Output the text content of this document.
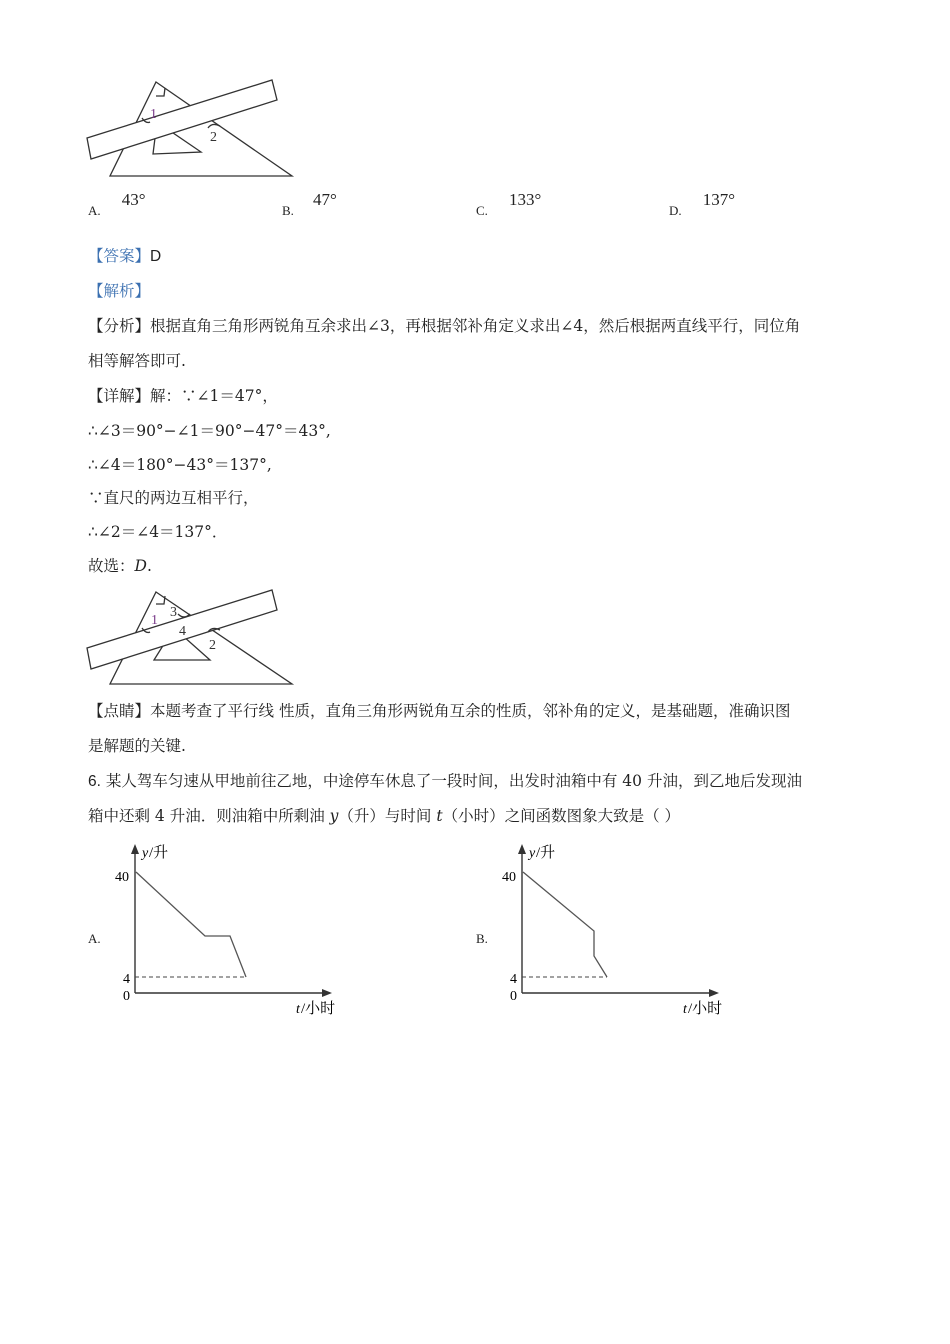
1
2
A. 43°
B. 47°
C. 133°
D. 137°
【答案】D
【解析】
【分析】根据直角三角形两锐角互余求出∠3，再根据邻补角定义求出∠4，然后根据两直线平行，同位角
相等解答即可.
【详解】解：∵∠1＝47°，
∴∠3＝90°−∠1＝90°−47°＝43°,
∴∠4＝180°−43°＝137°,
∵直尺的两边互相平行，
∴∠2＝∠4＝137°．
故选：D.
1
3
4
2
【点睛】本题考查了平行线 性质，直角三角形两锐角互余的性质，邻补角的定义，是基础题，准确识图
是解题的关键.
6. 某人驾车匀速从甲地前往乙地，中途停车休息了一段时间，出发时油箱中有 40 升油，到乙地后发现油
箱中还剩 4 升油．则油箱中所剩油 y（升）与时间 t（小时）之间函数图象大致是（ ）
A.
y /升
40
4
0
t /小时
B.
y /升
40
4
0
t /小时
